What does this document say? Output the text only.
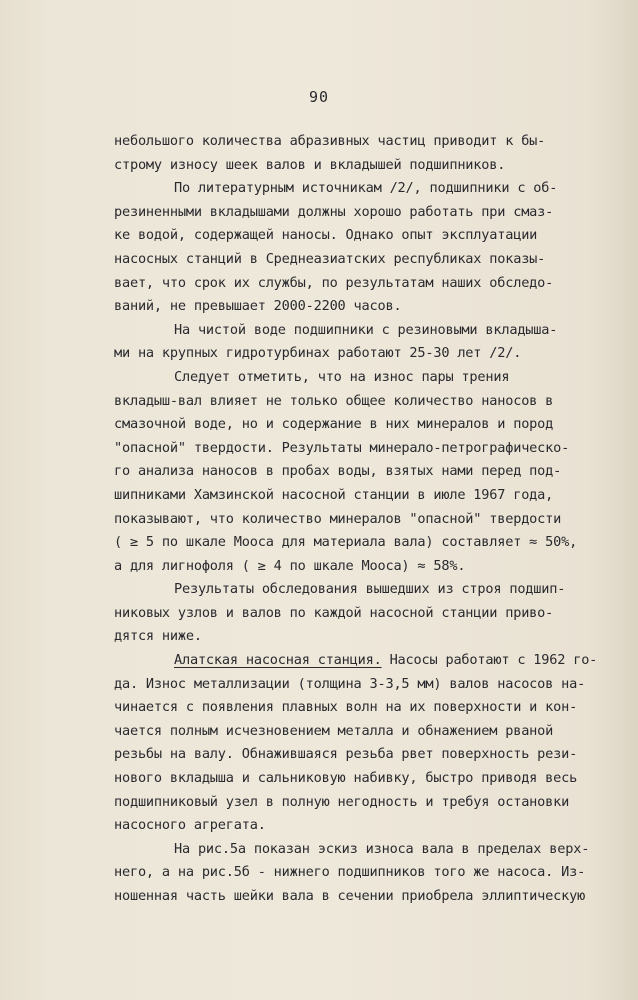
90
небольшого количества абразивных частиц приводит к бы-
строму износу шеек валов и вкладышей подшипников.
По литературным источникам /2/, подшипники с об-
резиненными вкладышами должны хорошо работать при смаз-
ке водой, содержащей наносы. Однако опыт эксплуатации
насосных станций в Среднеазиатских республиках показы-
вает, что срок их службы, по результатам наших обследо-
ваний, не превышает 2000-2200 часов.
На чистой воде подшипники с резиновыми вкладыша-
ми на крупных гидротурбинах работают 25-30 лет /2/.
Следует отметить, что на износ пары трения
вкладыш-вал влияет не только общее количество наносов в
смазочной воде, но и содержание в них минералов и пород
"опасной" твердости. Результаты минерало-петрографическо-
го анализа наносов в пробах воды, взятых нами перед под-
шипниками Хамзинской насосной станции в июле 1967 года,
показывают, что количество минералов "опасной" твердости
( ≥ 5 по шкале Мооса для материала вала) составляет ≈ 50%,
а для лигнофоля ( ≥ 4 по шкале Мооса) ≈ 58%.
Результаты обследования вышедших из строя подшип-
никовых узлов и валов по каждой насосной станции приво-
дятся ниже.
Алатская насосная станция. Насосы работают с 1962 го-
да. Износ металлизации (толщина 3-3,5 мм) валов насосов на-
чинается с появления плавных волн на их поверхности и кон-
чается полным исчезновением металла и обнажением рваной
резьбы на валу. Обнажившаяся резьба рвет поверхность рези-
нового вкладыша и сальниковую набивку, быстро приводя весь
подшипниковый узел в полную негодность и требуя остановки
насосного агрегата.
На рис.5а показан эскиз износа вала в пределах верх-
него, а на рис.5б - нижнего подшипников того же насоса. Из-
ношенная часть шейки вала в сечении приобрела эллиптическую
